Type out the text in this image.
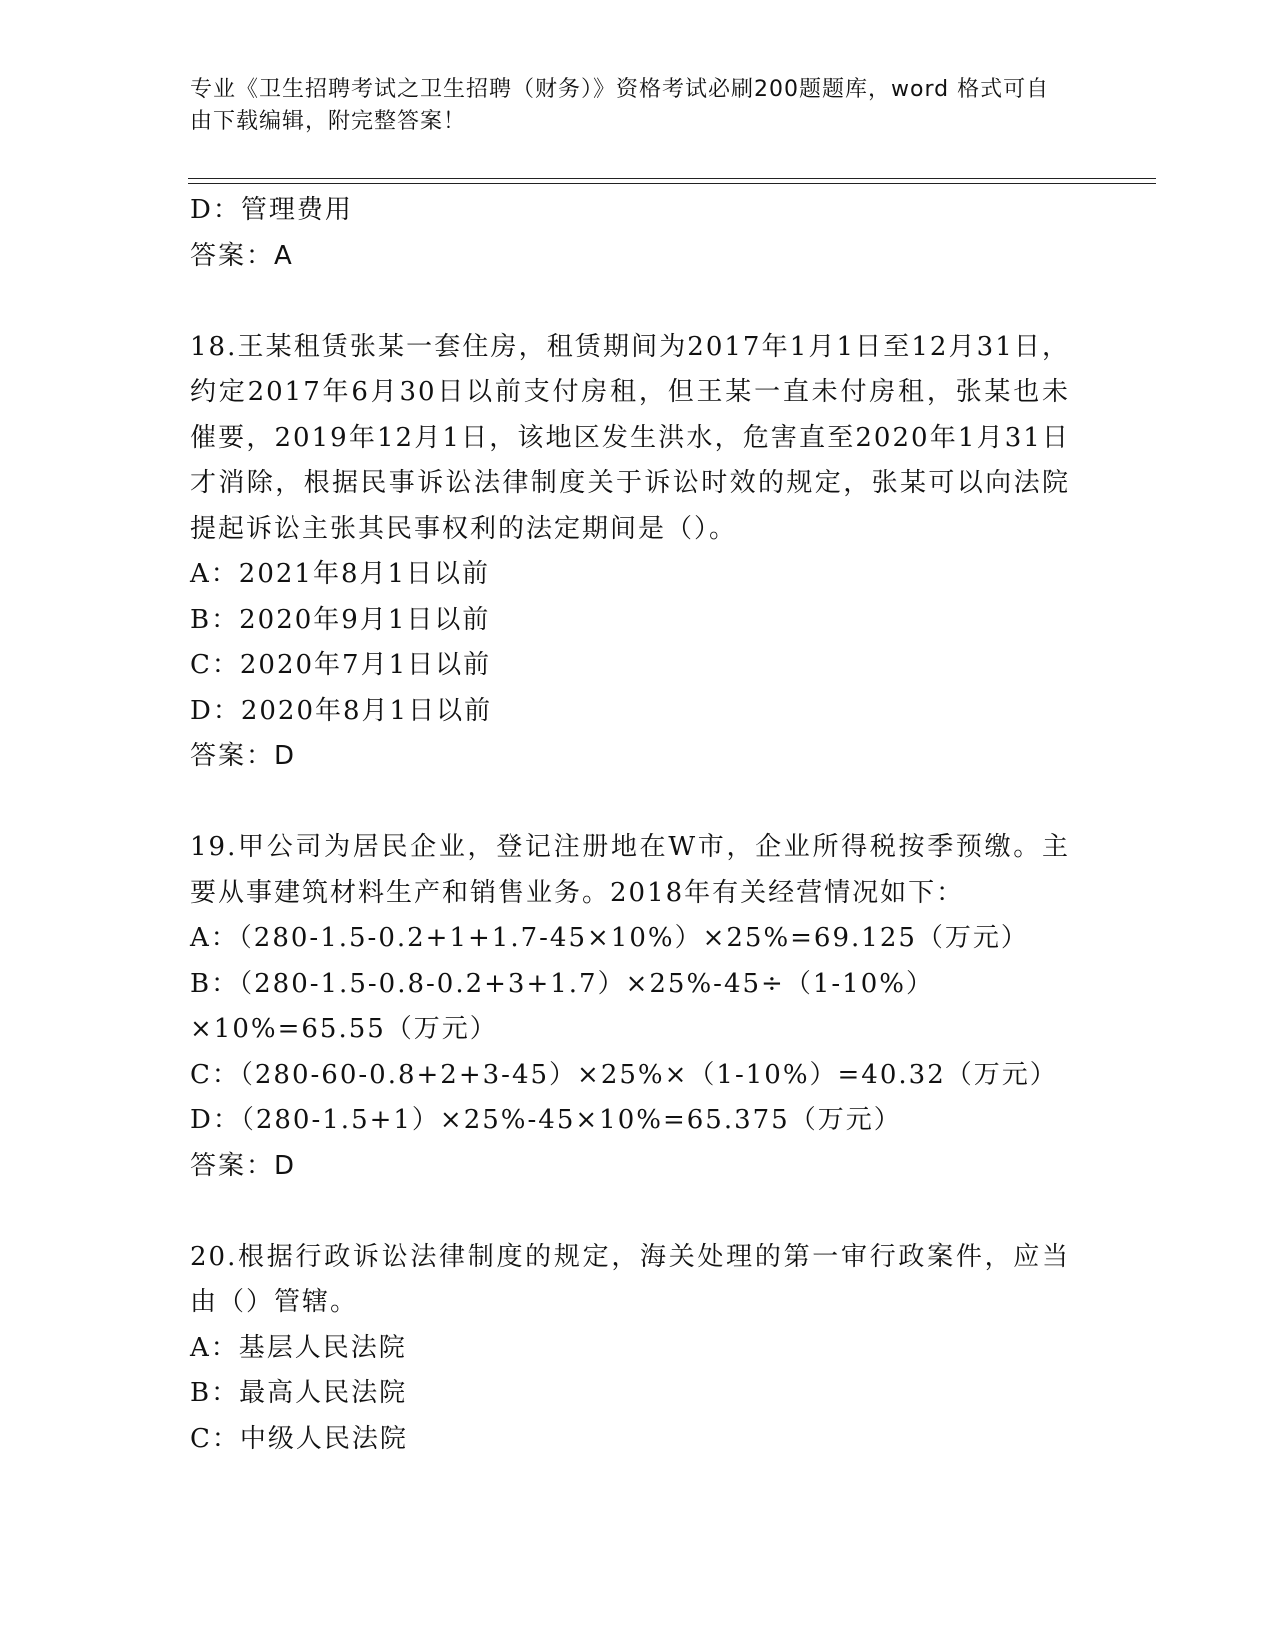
专业《卫生招聘考试之卫生招聘（财务）》资格考试必刷200题题库，word 格式可自由下载编辑，附完整答案！
D：管理费用
答案：A
18.王某租赁张某一套住房，租赁期间为2017年1月1日至12月31日，约定2017年6月30日以前支付房租，但王某一直未付房租，张某也未催要，2019年12月1日，该地区发生洪水，危害直至2020年1月31日才消除，根据民事诉讼法律制度关于诉讼时效的规定，张某可以向法院提起诉讼主张其民事权利的法定期间是（）。
A：2021年8月1日以前
B：2020年9月1日以前
C：2020年7月1日以前
D：2020年8月1日以前
答案：D
19.甲公司为居民企业，登记注册地在W市，企业所得税按季预缴。主要从事建筑材料生产和销售业务。2018年有关经营情况如下：
A：（280-1.5-0.2+1+1.7-45×10%）×25%=69.125（万元）
B：（280-1.5-0.8-0.2+3+1.7）×25%-45÷（1-10%）×10%=65.55（万元）
C：（280-60-0.8+2+3-45）×25%×（1-10%）=40.32（万元）
D：（280-1.5+1）×25%-45×10%=65.375（万元）
答案：D
20.根据行政诉讼法律制度的规定，海关处理的第一审行政案件，应当由（）管辖。
A：基层人民法院
B：最高人民法院
C：中级人民法院
